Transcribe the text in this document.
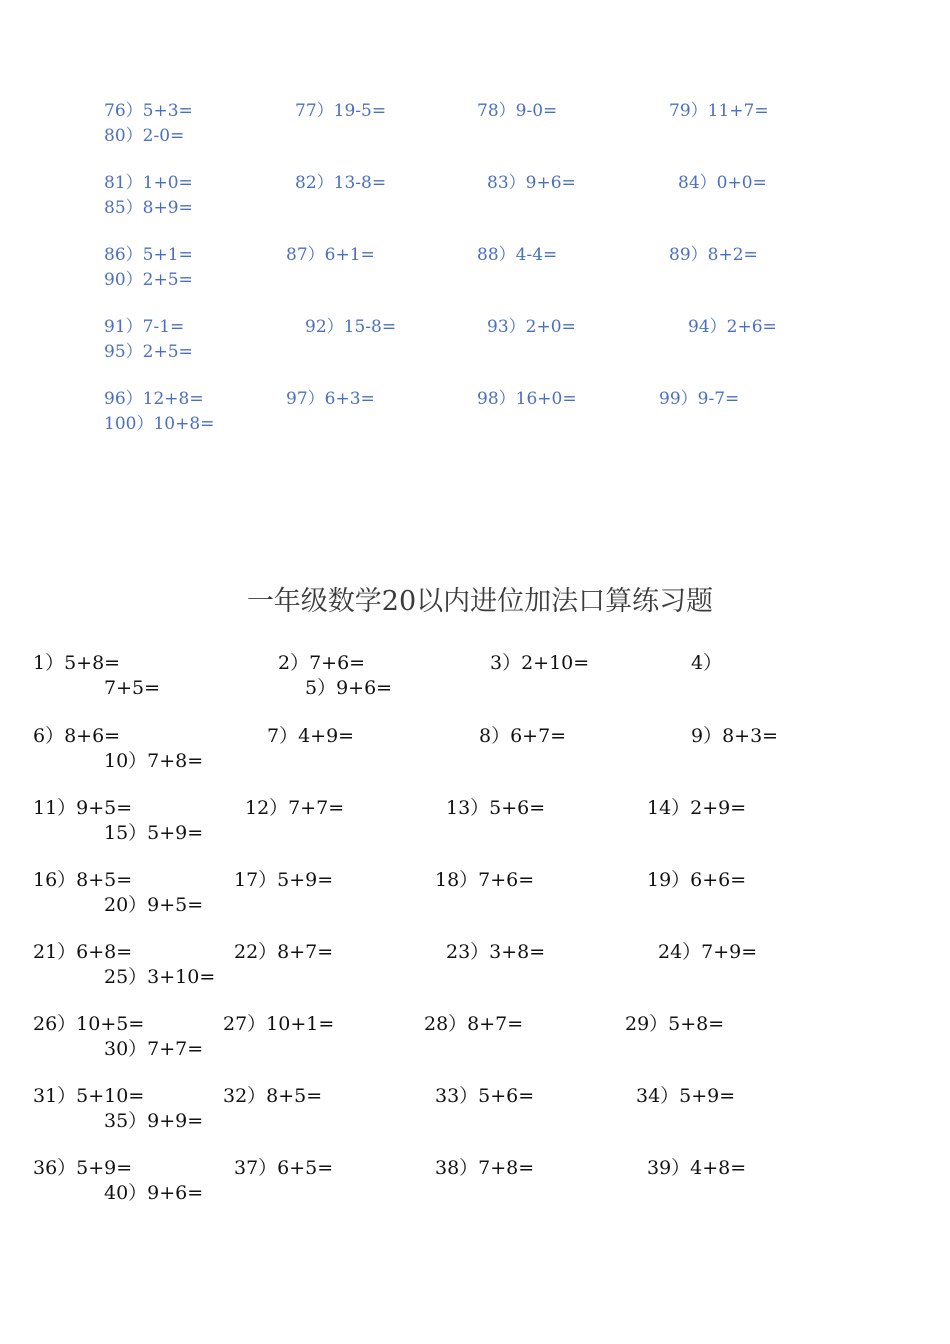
76）5+3=	77）19-5=	78）9-0=	79）11+7=
80）2-0=
81）1+0=	82）13-8=	83）9+6=	84）0+0=
85）8+9=
86）5+1=	87）6+1=	88）4-4=	89）8+2=
90）2+5=
91）7-1=	92）15-8=	93）2+0=	94）2+6=
95）2+5=
96）12+8=	97）6+3=	98）16+0=	99）9-7=
100）10+8=
一年级数学20以内进位加法口算练习题
1）5+8=	2）7+6=	3）2+10=	4）
7+5=	5）9+6=
6）8+6=	7）4+9=	8）6+7=	9）8+3=
10）7+8=
11）9+5=	12）7+7=	13）5+6=	14）2+9=
15）5+9=
16）8+5=	17）5+9=	18）7+6=	19）6+6=
20）9+5=
21）6+8=	22）8+7=	23）3+8=	24）7+9=
25）3+10=
26）10+5=	27）10+1=	28）8+7=	29）5+8=
30）7+7=
31）5+10=	32）8+5=	33）5+6=	34）5+9=
35）9+9=
36）5+9=	37）6+5=	38）7+8=	39）4+8=
40）9+6=
